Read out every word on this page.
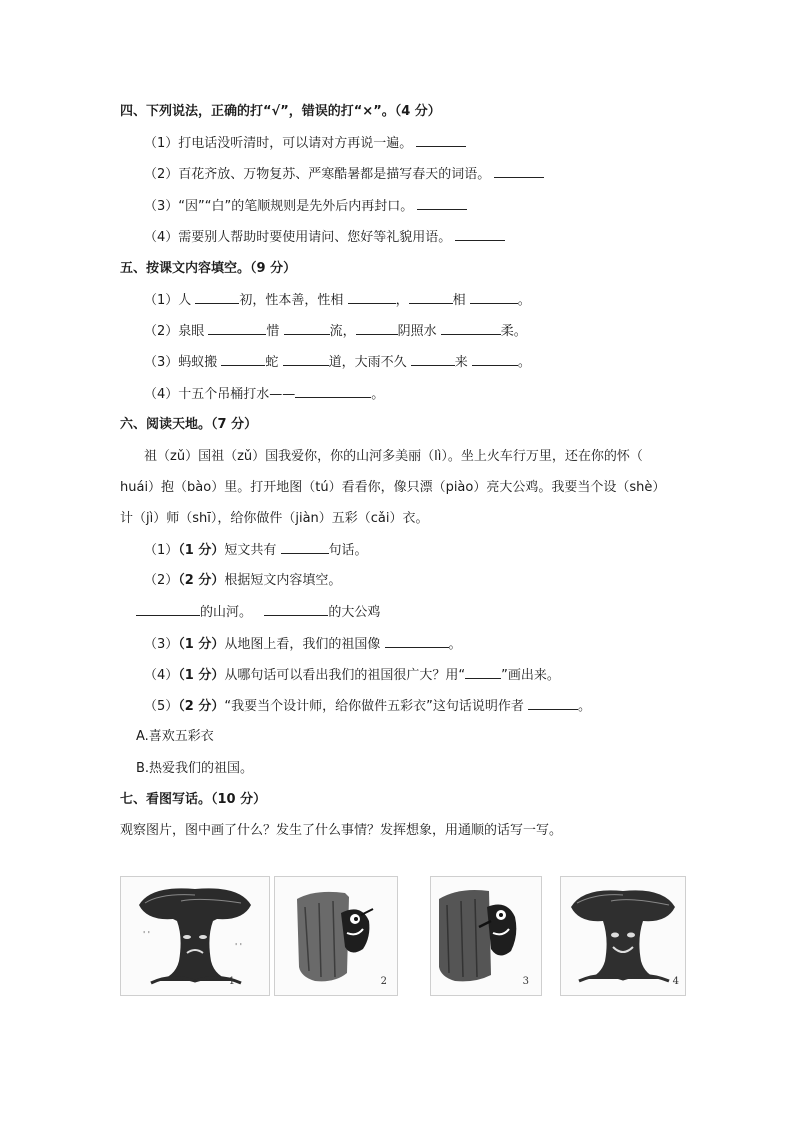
四、下列说法，正确的打“√”，错误的打“×”。（4 分）
（1）打电话没听清时，可以请对方再说一遍。
（2）百花齐放、万物复苏、严寒酷暑都是描写春天的词语。
（3）“因”“白”的笔顺规则是先外后内再封口。
（4）需要别人帮助时要使用请问、您好等礼貌用语。
五、按课文内容填空。（9 分）
（1）人	初，性本善，性相	，	相	。
（2）泉眼	惜	流，	阴照水	柔。
（3）蚂蚁搬	蛇	道，大雨不久	来	。
（4）十五个吊桶打水——	。
六、阅读天地。（7 分）
祖（zǔ）国祖（zǔ）国我爱你，你的山河多美丽（lì）。坐上火车行万里，还在你的怀（
huái）抱（bào）里。打开地图（tú）看看你，像只漂（piào）亮大公鸡。我要当个设（shè）
计（jì）师（shī），给你做件（jiàn）五彩（cǎi）衣。
（1）（1 分）短文共有	句话。
（2）（2 分）根据短文内容填空。
的山河。	的大公鸡
（3）（1 分）从地图上看，我们的祖国像	。
（4）（1 分）从哪句话可以看出我们的祖国很广大？用“	”画出来。
（5）（2 分）“我要当个设计师，给你做件五彩衣”这句话说明作者	。
A.喜欢五彩衣
B.热爱我们的祖国。
七、看图写话。（10 分）
观察图片，图中画了什么？发生了什么事情？发挥想象，用通顺的话写一写。
' '
' '
1	2	3	4
